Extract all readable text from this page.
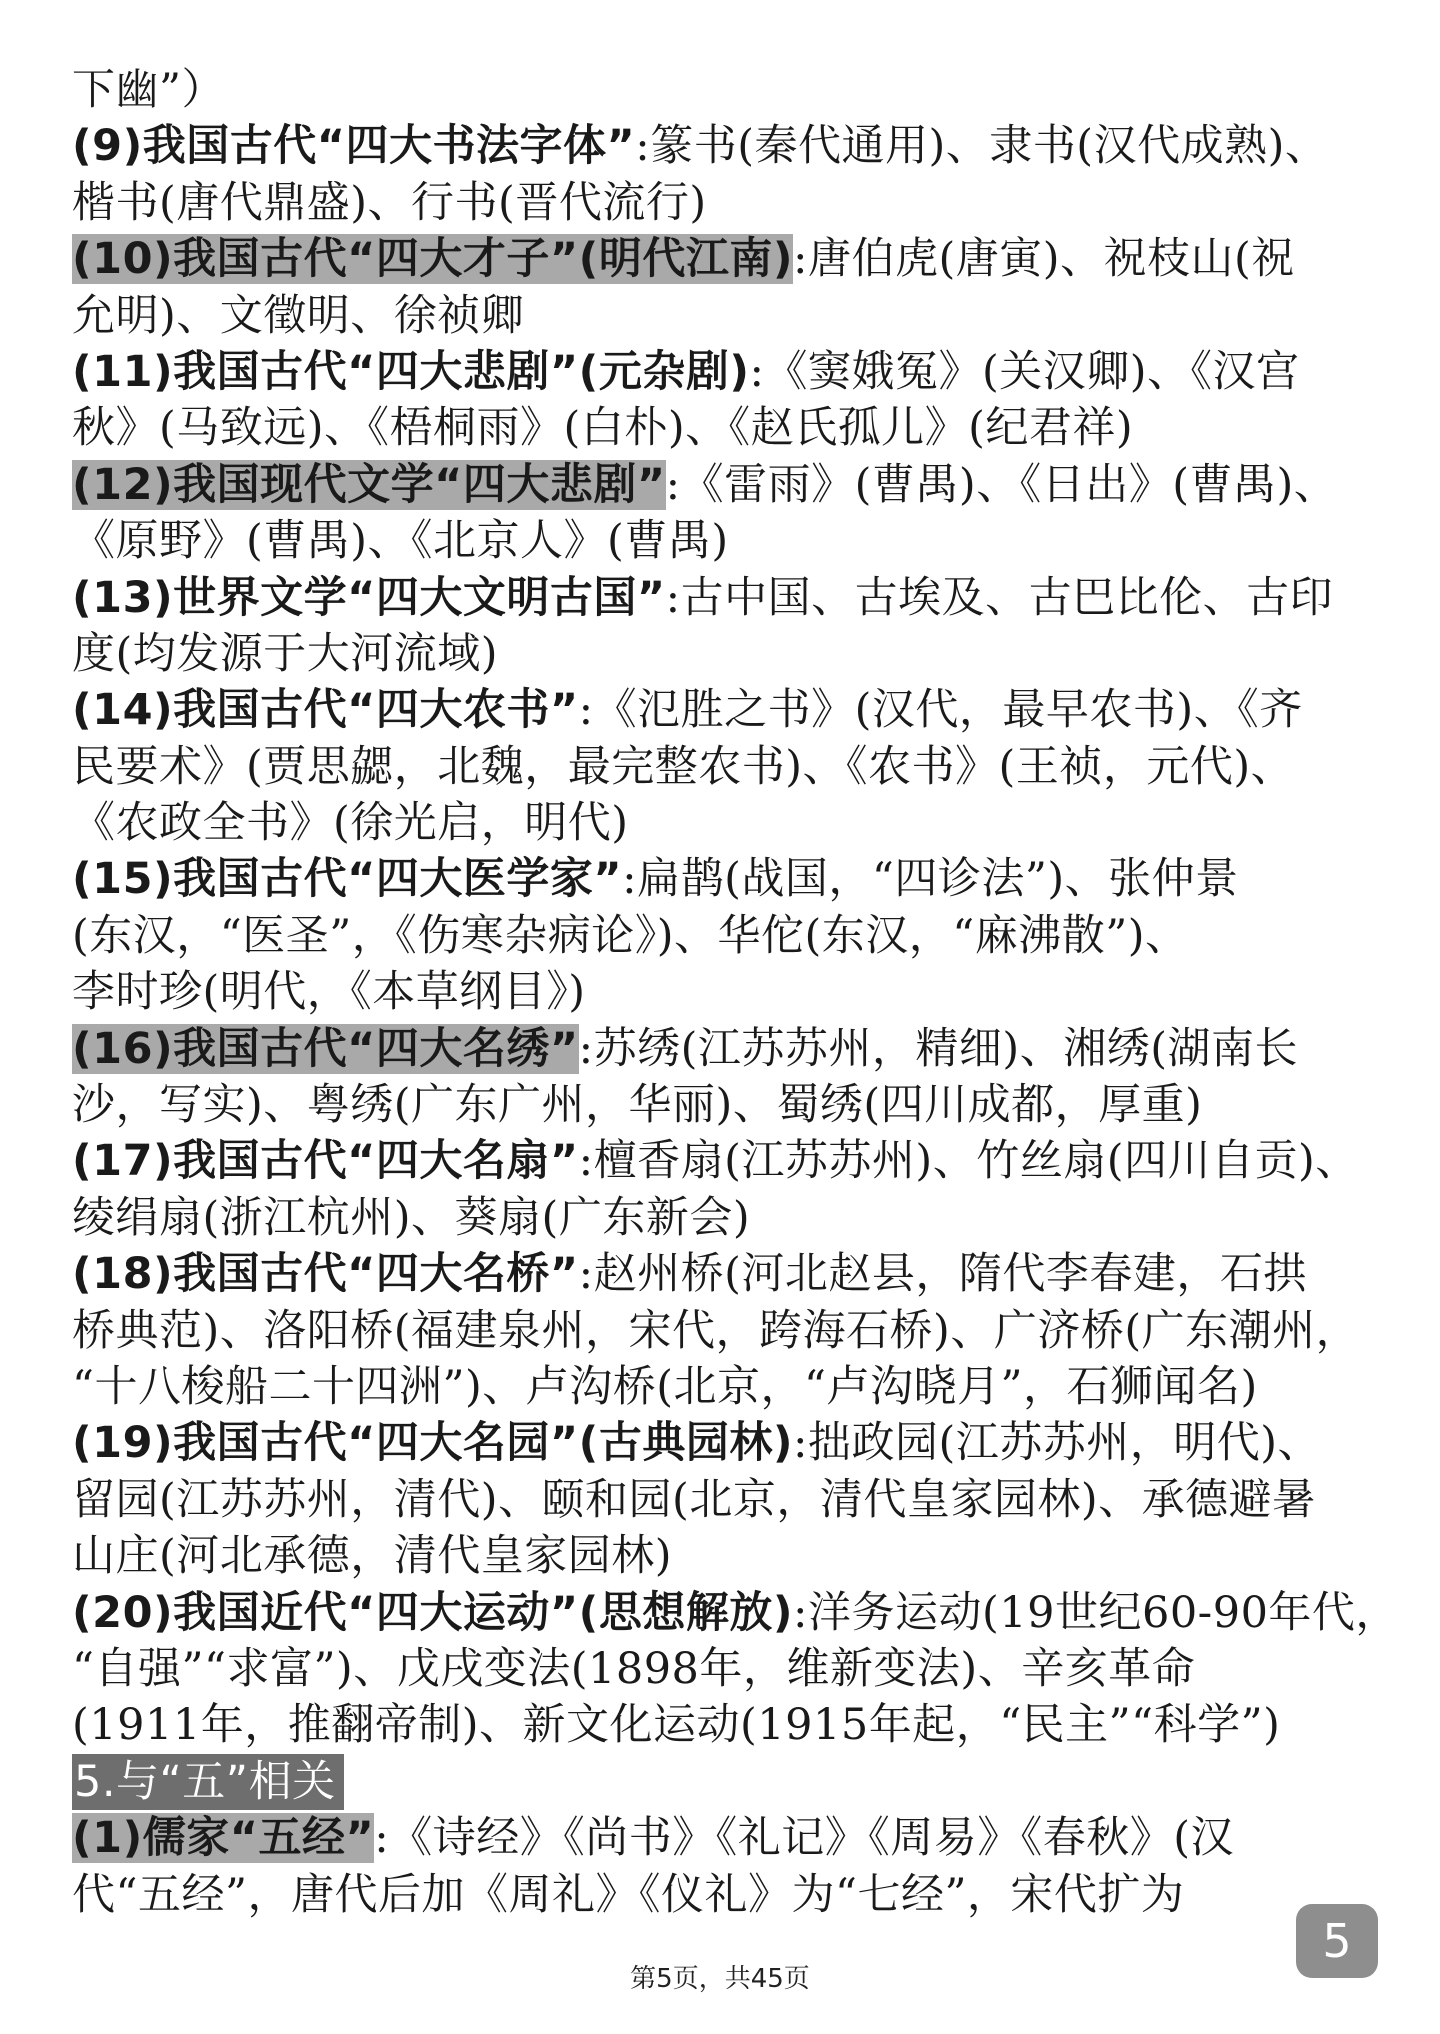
下幽”）
(9)我国古代“四大书法字体”:篆书(秦代通用)、隶书(汉代成熟)、
楷书(唐代鼎盛)、行书(晋代流行)
(10)我国古代“四大才子”(明代江南):唐伯虎(唐寅)、祝枝山(祝
允明)、文徵明、徐祯卿
(11)我国古代“四大悲剧”(元杂剧):《窦娥冤》(关汉卿)、《汉宫
秋》(马致远)、《梧桐雨》(白朴)、《赵氏孤儿》(纪君祥)
(12)我国现代文学“四大悲剧”:《雷雨》(曹禺)、《日出》(曹禺)、
《原野》(曹禺)、《北京人》(曹禺)
(13)世界文学“四大文明古国”:古中国、古埃及、古巴比伦、古印
度(均发源于大河流域)
(14)我国古代“四大农书”:《氾胜之书》(汉代，最早农书)、《齐
民要术》(贾思勰，北魏，最完整农书)、《农书》(王祯，元代)、
《农政全书》(徐光启，明代)
(15)我国古代“四大医学家”:扁鹊(战国，“四诊法”)、张仲景
(东汉，“医圣”，《伤寒杂病论》)、华佗(东汉，“麻沸散”)、
李时珍(明代，《本草纲目》)
(16)我国古代“四大名绣”:苏绣(江苏苏州，精细)、湘绣(湖南长
沙，写实)、粤绣(广东广州，华丽)、蜀绣(四川成都，厚重)
(17)我国古代“四大名扇”:檀香扇(江苏苏州)、竹丝扇(四川自贡)、
绫绢扇(浙江杭州)、葵扇(广东新会)
(18)我国古代“四大名桥”:赵州桥(河北赵县，隋代李春建，石拱
桥典范)、洛阳桥(福建泉州，宋代，跨海石桥)、广济桥(广东潮州，
“十八梭船二十四洲”)、卢沟桥(北京，“卢沟晓月”，石狮闻名)
(19)我国古代“四大名园”(古典园林):拙政园(江苏苏州，明代)、
留园(江苏苏州，清代)、颐和园(北京，清代皇家园林)、承德避暑
山庄(河北承德，清代皇家园林)
(20)我国近代“四大运动”(思想解放):洋务运动(19世纪60-90年代，
“自强”“求富”)、戊戌变法(1898年，维新变法)、辛亥革命
(1911年，推翻帝制)、新文化运动(1915年起，“民主”“科学”)
5.与“五”相关
(1)儒家“五经”:《诗经》《尚书》《礼记》《周易》《春秋》(汉
代“五经”，唐代后加《周礼》《仪礼》为“七经”，宋代扩为
第5页，共45页
5
